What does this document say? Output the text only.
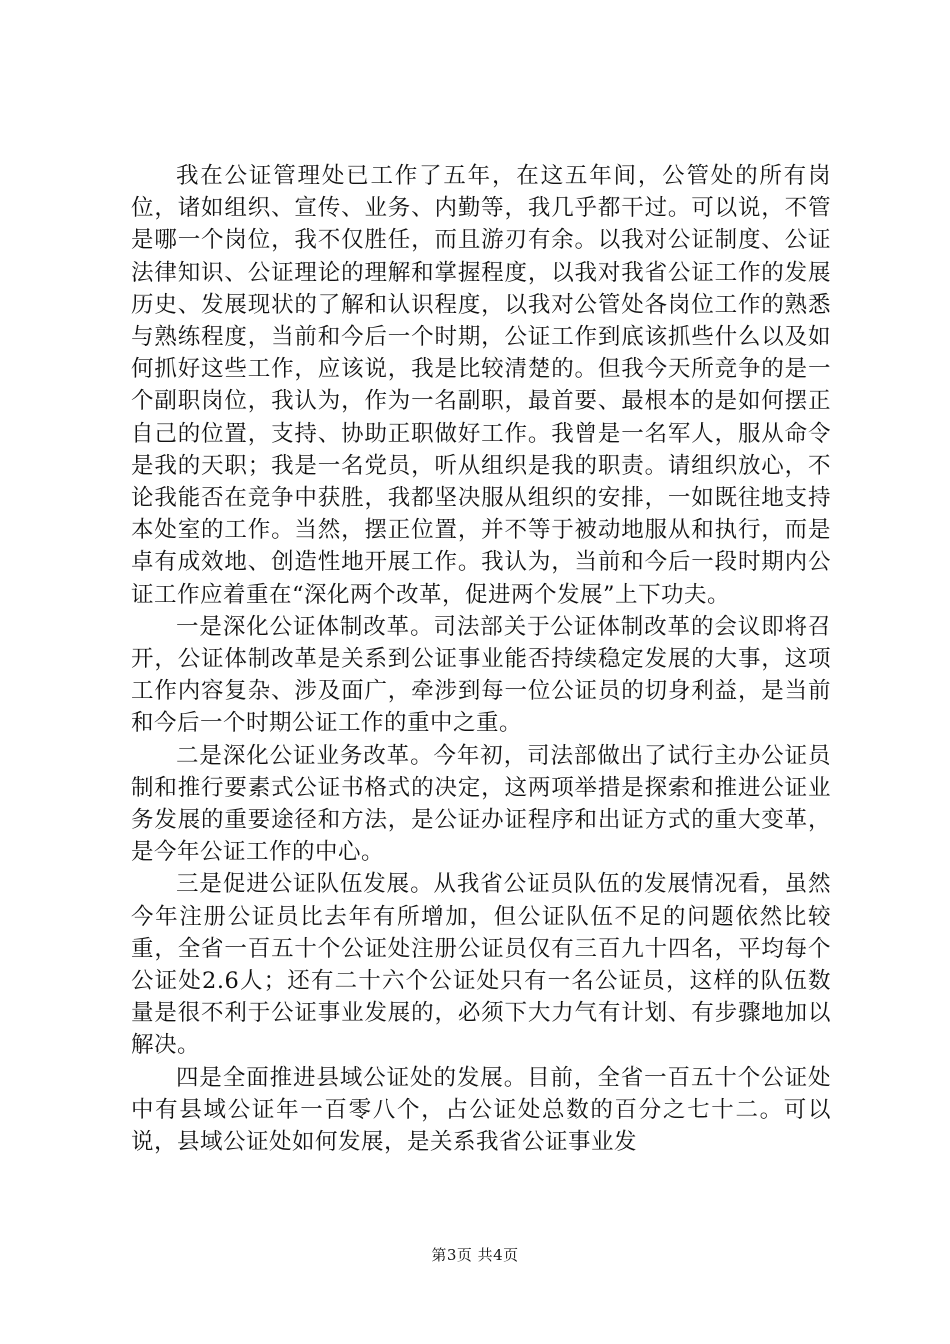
我在公证管理处已工作了五年，在这五年间，公管处的所有岗位，诸如组织、宣传、业务、内勤等，我几乎都干过。可以说，不管是哪一个岗位，我不仅胜任，而且游刃有余。以我对公证制度、公证法律知识、公证理论的理解和掌握程度，以我对我省公证工作的发展历史、发展现状的了解和认识程度，以我对公管处各岗位工作的熟悉与熟练程度，当前和今后一个时期，公证工作到底该抓些什么以及如何抓好这些工作，应该说，我是比较清楚的。但我今天所竞争的是一个副职岗位，我认为，作为一名副职，最首要、最根本的是如何摆正自己的位置，支持、协助正职做好工作。我曾是一名军人，服从命令是我的天职；我是一名党员，听从组织是我的职责。请组织放心，不论我能否在竞争中获胜，我都坚决服从组织的安排，一如既往地支持本处室的工作。当然，摆正位置，并不等于被动地服从和执行，而是卓有成效地、创造性地开展工作。我认为，当前和今后一段时期内公证工作应着重在“深化两个改革，促进两个发展”上下功夫。

一是深化公证体制改革。司法部关于公证体制改革的会议即将召开，公证体制改革是关系到公证事业能否持续稳定发展的大事，这项工作内容复杂、涉及面广，牵涉到每一位公证员的切身利益，是当前和今后一个时期公证工作的重中之重。

二是深化公证业务改革。今年初，司法部做出了试行主办公证员制和推行要素式公证书格式的决定，这两项举措是探索和推进公证业务发展的重要途径和方法，是公证办证程序和出证方式的重大变革，是今年公证工作的中心。

三是促进公证队伍发展。从我省公证员队伍的发展情况看，虽然今年注册公证员比去年有所增加，但公证队伍不足的问题依然比较重，全省一百五十个公证处注册公证员仅有三百九十四名，平均每个公证处2.6人；还有二十六个公证处只有一名公证员，这样的队伍数量是很不利于公证事业发展的，必须下大力气有计划、有步骤地加以解决。

四是全面推进县域公证处的发展。目前，全省一百五十个公证处中有县域公证年一百零八个，占公证处总数的百分之七十二。可以说，县域公证处如何发展，是关系我省公证事业发

第3页 共4页
